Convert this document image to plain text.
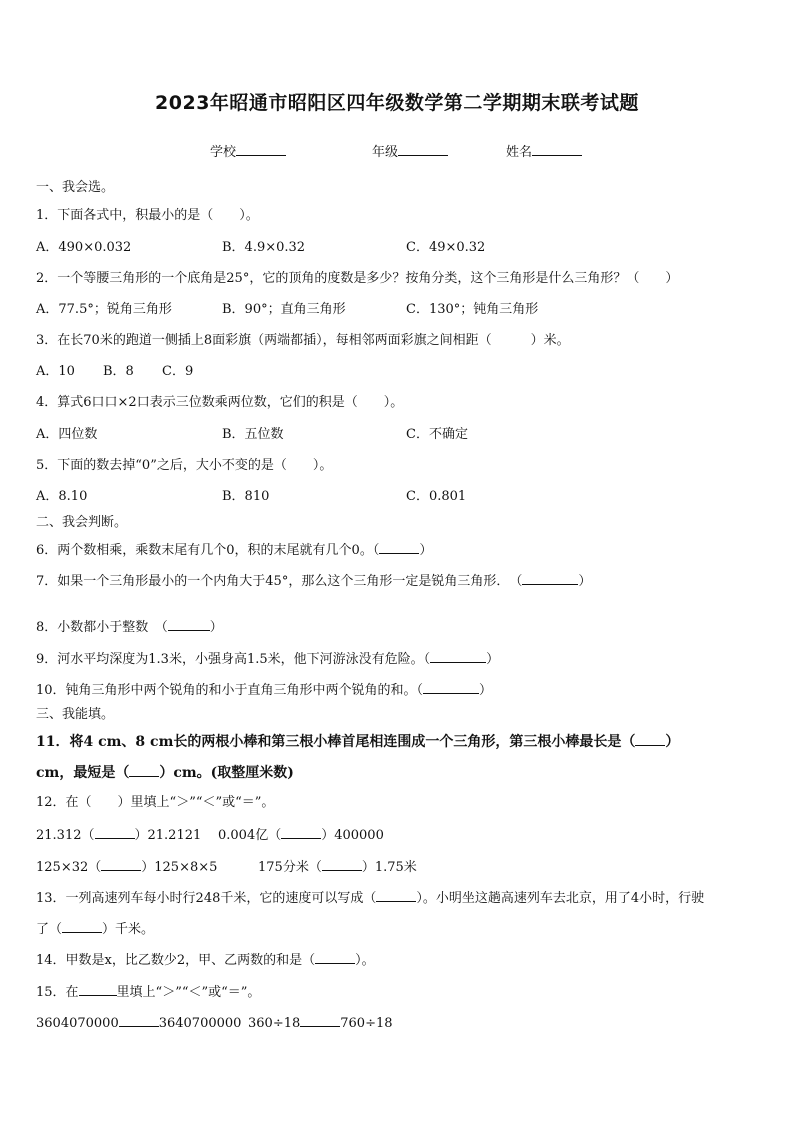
2023年昭通市昭阳区四年级数学第二学期期末联考试题
学校	年级	姓名
一、我会选。
1．下面各式中，积最小的是（　　）。
A．490×0.032	B．4.9×0.32	C．49×0.32
2．一个等腰三角形的一个底角是25°，它的顶角的度数是多少？按角分类，这个三角形是什么三角形？（　　）
A．77.5°；锐角三角形	B．90°；直角三角形	C．130°；钝角三角形
3．在长70米的跑道一侧插上8面彩旗（两端都插），每相邻两面彩旗之间相距（　　　）米。
A．10 B．8 C．9
4．算式6口口×2口表示三位数乘两位数，它们的积是（　　）。
A．四位数	B．五位数	C．不确定
5．下面的数去掉“0”之后，大小不变的是（　　）。
A．8.10	B．810	C．0.801
二、我会判断。
6．两个数相乘，乘数末尾有几个0，积的末尾就有几个0。（	）
7．如果一个三角形最小的一个内角大于45°，那么这个三角形一定是锐角三角形．　（	）
8．小数都小于整数　（	）
9．河水平均深度为1.3米，小强身高1.5米，他下河游泳没有危险。（	）
10．钝角三角形中两个锐角的和小于直角三角形中两个锐角的和。（	）
三、我能填。
11．将4 cm、8 cm长的两根小棒和第三根小棒首尾相连围成一个三角形，第三根小棒最长是（ ）
cm，最短是（ ）cm。(取整厘米数)
12．在（　　）里填上“＞”“＜”或“＝”。
21.312（	）21.2121 0.004亿（	）400000
125×32（	）125×8×5	175分米（	）1.75米
13．一列高速列车每小时行248千米，它的速度可以写成（	）。小明坐这趟高速列车去北京，用了4小时，行驶
了（	）千米。
14．甲数是x，比乙数少2，甲、乙两数的和是（	）。
15．在	里填上“＞”“＜”或“＝”。
3604070000	3640700000 360÷18	760÷18
